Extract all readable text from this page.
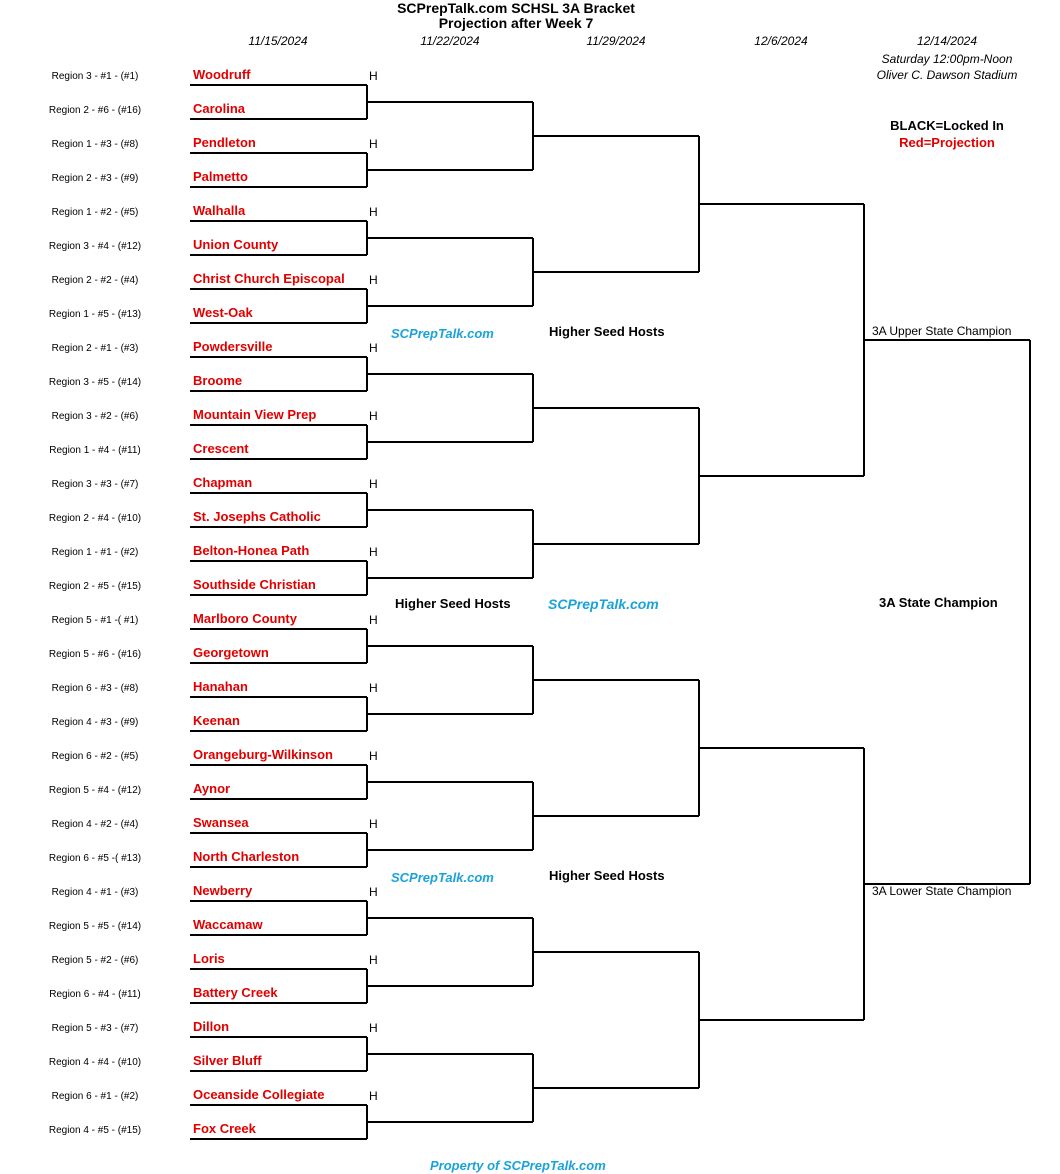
SCPrepTalk.com SCHSL 3A Bracket
Projection after Week 7
11/15/2024	11/22/2024	11/29/2024	12/6/2024	12/14/2024
Saturday 12:00pm-Noon
Oliver C. Dawson Stadium
BLACK=Locked In
Red=Projection
Region 3 - #1 - (#1)	Woodruff	H
Region 2 - #6 - (#16)	Carolina
Region 1 - #3 - (#8)	Pendleton	H
Region 2 - #3 - (#9)	Palmetto
Region 1 - #2 - (#5)	Walhalla	H
Region 3 - #4 - (#12)	Union County
Region 2 - #2 - (#4)	Christ Church Episcopal H
Region 1 - #5 - (#13)	West-Oak
Region 2 - #1 - (#3)	Powdersville	H
Region 3 - #5 - (#14)	Broome
Region 3 - #2 - (#6)	Mountain View Prep	H
Region 1 - #4 - (#11)	Crescent
Region 3 - #3 - (#7)	Chapman	H
Region 2 - #4 - (#10)	St. Josephs Catholic
Region 1 - #1 - (#2)	Belton-Honea Path	H
Region 2 - #5 - (#15)	Southside Christian
Region 5 - #1 -( #1)	Marlboro County	H
Region 5 - #6 - (#16)	Georgetown
Region 6 - #3 - (#8)	Hanahan	H
Region 4 - #3 - (#9)	Keenan
Region 6 - #2 - (#5)	Orangeburg-Wilkinson	H
Region 5 - #4 - (#12)	Aynor
Region 4 - #2 - (#4)	Swansea	H
Region 6 - #5 -( #13)	North Charleston
Region 4 - #1 - (#3)	Newberry	H
Region 5 - #5 - (#14)	Waccamaw
Region 5 - #2 - (#6)	Loris	H
Region 6 - #4 - (#11)	Battery Creek
Region 5 - #3 - (#7)	Dillon	H
Region 4 - #4 - (#10)	Silver Bluff
Region 6 - #1 - (#2)	Oceanside Collegiate	H
Region 4 - #5 - (#15)	Fox Creek
SCPrepTalk.com	Higher Seed Hosts
Higher Seed Hosts	SCPrepTalk.com
SCPrepTalk.com	Higher Seed Hosts
3A Upper State Champion
3A State Champion
3A Lower State Champion
Property of SCPrepTalk.com
